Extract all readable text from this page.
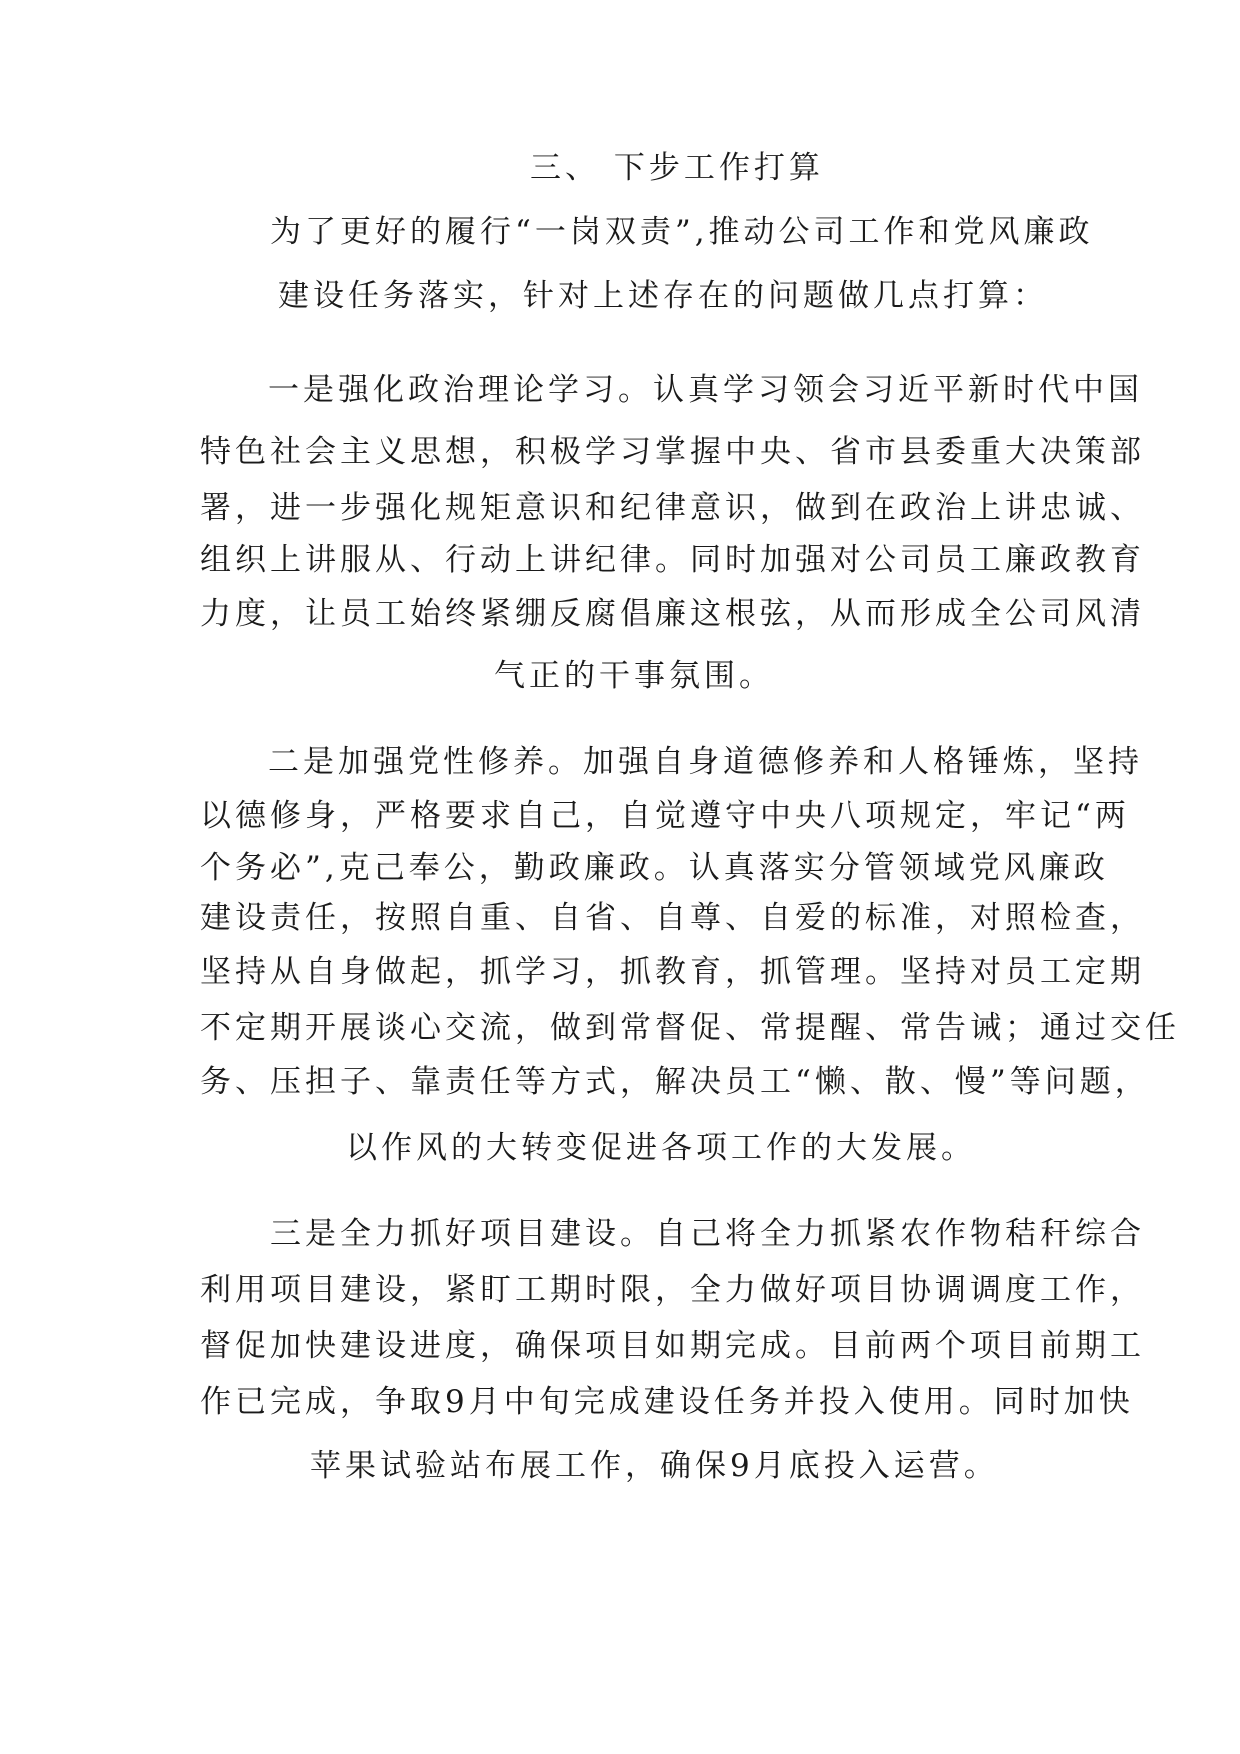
三、 下步工作打算
为了更好的履行“一岗双责”,推动公司工作和党风廉政
建设任务落实，针对上述存在的问题做几点打算：
一是强化政治理论学习。认真学习领会习近平新时代中国
特色社会主义思想，积极学习掌握中央、省市县委重大决策部
署，进一步强化规矩意识和纪律意识，做到在政治上讲忠诚、
组织上讲服从、行动上讲纪律。同时加强对公司员工廉政教育
力度，让员工始终紧绷反腐倡廉这根弦，从而形成全公司风清
气正的干事氛围。
二是加强党性修养。加强自身道德修养和人格锤炼，坚持
以德修身，严格要求自己，自觉遵守中央八项规定，牢记“两
个务必”,克己奉公，勤政廉政。认真落实分管领域党风廉政
建设责任，按照自重、自省、自尊、自爱的标准，对照检查，
坚持从自身做起，抓学习，抓教育，抓管理。坚持对员工定期
不定期开展谈心交流，做到常督促、常提醒、常告诫；通过交任
务、压担子、靠责任等方式，解决员工“懒、散、慢”等问题，
以作风的大转变促进各项工作的大发展。
三是全力抓好项目建设。自己将全力抓紧农作物秸秆综合
利用项目建设，紧盯工期时限，全力做好项目协调调度工作，
督促加快建设进度，确保项目如期完成。目前两个项目前期工
作已完成，争取9月中旬完成建设任务并投入使用。同时加快
苹果试验站布展工作，确保9月底投入运营。
